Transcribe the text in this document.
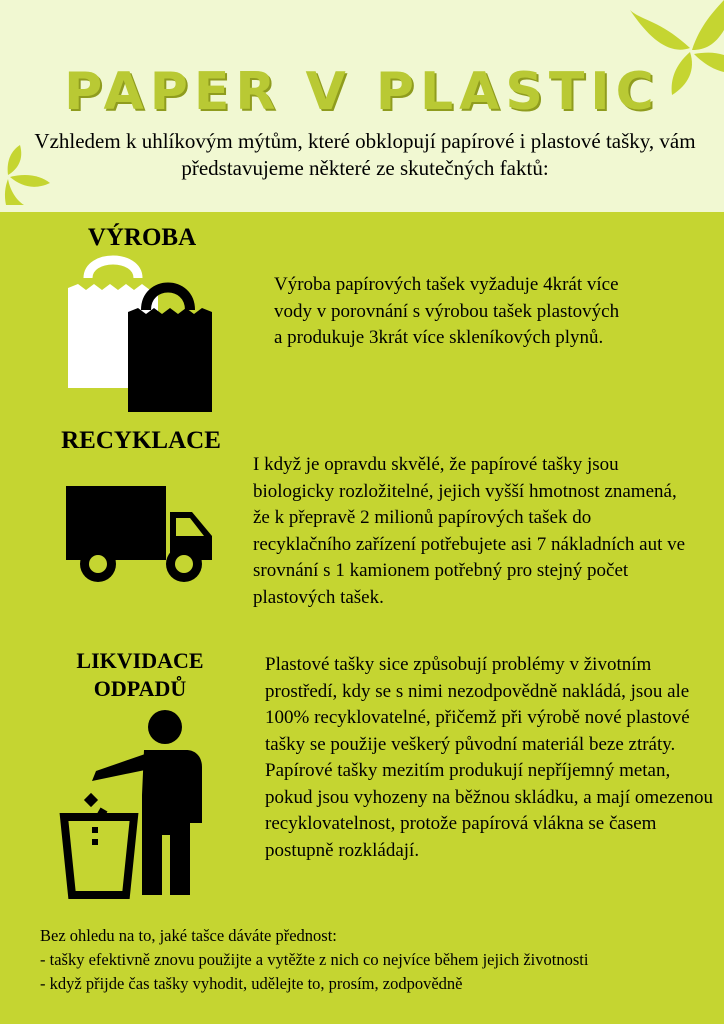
PAPER V PLASTIC

Vzhledem k uhlíkovým mýtům, které obklopují papírové i plastové tašky, vám představujeme některé ze skutečných faktů:

VÝROBA

Výroba papírových tašek vyžaduje 4krát více vody v porovnání s výrobou tašek plastových a produkuje 3krát více skleníkových plynů.

RECYKLACE

I když je opravdu skvělé, že papírové tašky jsou biologicky rozložitelné, jejich vyšší hmotnost znamená, že k přepravě 2 milionů papírových tašek do recyklačního zařízení potřebujete asi 7 nákladních aut ve srovnání s 1 kamionem potřebný pro stejný počet plastových tašek.

LIKVIDACE
ODPADŮ

Plastové tašky sice způsobují problémy v životním prostředí, kdy se s nimi nezodpovědně nakládá, jsou ale 100% recyklovatelné, přičemž při výrobě nové plastové tašky se použije veškerý původní materiál beze ztráty. Papírové tašky mezitím produkují nepříjemný metan, pokud jsou vyhozeny na běžnou skládku, a mají omezenou recyklovatelnost, protože papírová vlákna se časem postupně rozkládají.

Bez ohledu na to, jaké tašce dáváte přednost:
- tašky efektivně znovu použijte a vytěžte z nich co nejvíce během jejich životnosti
- když přijde čas tašky vyhodit, udělejte to, prosím, zodpovědně
